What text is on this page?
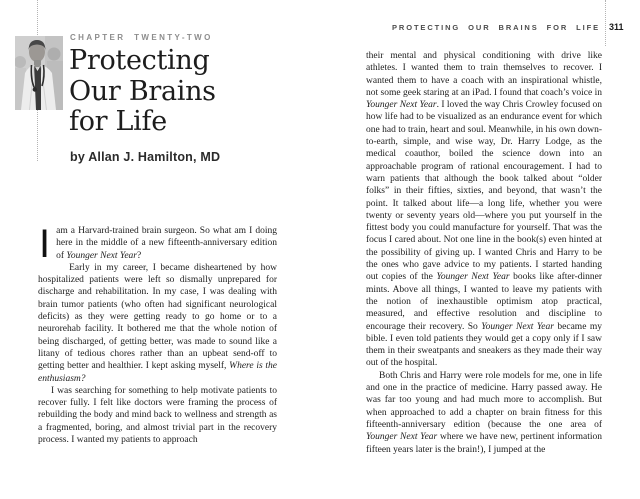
CHAPTER TWENTY-TWO
Protecting
Our Brains
for Life
by Allan J. Hamilton, MD

Iam a Harvard-trained brain surgeon. So what am I doing here in the middle of a new fifteenth-anniversary edition of Younger Next Year?

Early in my career, I became disheartened by how hospitalized patients were left so dismally unprepared for discharge and rehabilitation. In my case, I was dealing with brain tumor patients (who often had significant neurological deficits) as they were getting ready to go home or to a neurorehab facility. It bothered me that the whole notion of being discharged, of getting better, was made to sound like a litany of tedious chores rather than an upbeat send-off to getting better and healthier. I kept asking myself, Where is the enthusiasm?

I was searching for something to help motivate patients to recover fully. I felt like doctors were framing the process of rebuilding the body and mind back to wellness and strength as a fragmented, boring, and almost trivial part in the recovery process. I wanted my patients to approach

PROTECTING OUR BRAINS FOR LIFE 311

their mental and physical conditioning with drive like athletes. I wanted them to train themselves to recover. I wanted them to have a coach with an inspirational whistle, not some geek staring at an iPad. I found that coach’s voice in Younger Next Year. I loved the way Chris Crowley focused on how life had to be visualized as an endurance event for which one had to train, heart and soul. Meanwhile, in his own down-to-earth, simple, and wise way, Dr. Harry Lodge, as the medical coauthor, boiled the science down into an approachable program of rational encouragement. I had to warn patients that although the book talked about “older folks” in their fifties, sixties, and beyond, that wasn’t the point. It talked about life—a long life, whether you were twenty or seventy years old—where you put yourself in the fittest body you could manufacture for yourself. That was the focus I cared about. Not one line in the book(s) even hinted at the possibility of giving up. I wanted Chris and Harry to be the ones who gave advice to my patients. I started handing out copies of the Younger Next Year books like after-dinner mints. Above all things, I wanted to leave my patients with the notion of inexhaustible optimism atop practical, measured, and effective resolution and discipline to encourage their recovery. So Younger Next Year became my bible. I even told patients they would get a copy only if I saw them in their sweatpants and sneakers as they made their way out of the hospital.

Both Chris and Harry were role models for me, one in life and one in the practice of medicine. Harry passed away. He was far too young and had much more to accomplish. But when approached to add a chapter on brain fitness for this fifteenth-anniversary edition (because the one area of Younger Next Year where we have new, pertinent information fifteen years later is the brain!), I jumped at the
